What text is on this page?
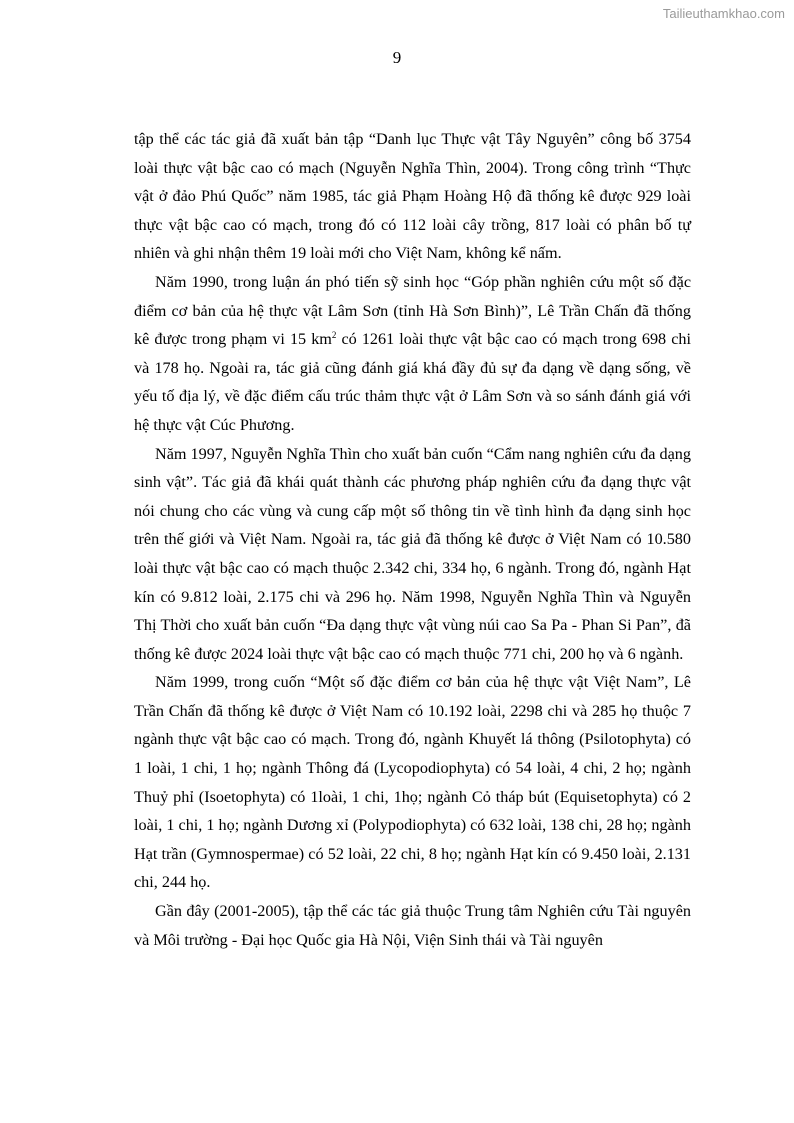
Tailieuthamkhao.com
9

tập thể các tác giả đã xuất bản tập “Danh lục Thực vật Tây Nguyên” công bố 3754 loài thực vật bậc cao có mạch (Nguyễn Nghĩa Thìn, 2004). Trong công trình “Thực vật ở đảo Phú Quốc” năm 1985, tác giả Phạm Hoàng Hộ đã thống kê được 929 loài thực vật bậc cao có mạch, trong đó có 112 loài cây trồng, 817 loài có phân bố tự nhiên và ghi nhận thêm 19 loài mới cho Việt Nam, không kể nấm.

Năm 1990, trong luận án phó tiến sỹ sinh học “Góp phần nghiên cứu một số đặc điểm cơ bản của hệ thực vật Lâm Sơn (tỉnh Hà Sơn Bình)”, Lê Trần Chấn đã thống kê được trong phạm vi 15 $km^2$ có 1261 loài thực vật bậc cao có mạch trong 698 chi và 178 họ. Ngoài ra, tác giả cũng đánh giá khá đầy đủ sự đa dạng về dạng sống, về yếu tố địa lý, về đặc điểm cấu trúc thảm thực vật ở Lâm Sơn và so sánh đánh giá với hệ thực vật Cúc Phương.

Năm 1997, Nguyễn Nghĩa Thìn cho xuất bản cuốn “Cẩm nang nghiên cứu đa dạng sinh vật”. Tác giả đã khái quát thành các phương pháp nghiên cứu đa dạng thực vật nói chung cho các vùng và cung cấp một số thông tin về tình hình đa dạng sinh học trên thế giới và Việt Nam. Ngoài ra, tác giả đã thống kê được ở Việt Nam có 10.580 loài thực vật bậc cao có mạch thuộc 2.342 chi, 334 họ, 6 ngành. Trong đó, ngành Hạt kín có 9.812 loài, 2.175 chi và 296 họ. Năm 1998, Nguyễn Nghĩa Thìn và Nguyễn Thị Thời cho xuất bản cuốn “Đa dạng thực vật vùng núi cao Sa Pa - Phan Si Pan”, đã thống kê được 2024 loài thực vật bậc cao có mạch thuộc 771 chi, 200 họ và 6 ngành.

Năm 1999, trong cuốn “Một số đặc điểm cơ bản của hệ thực vật Việt Nam”, Lê Trần Chấn đã thống kê được ở Việt Nam có 10.192 loài, 2298 chi và 285 họ thuộc 7 ngành thực vật bậc cao có mạch. Trong đó, ngành Khuyết lá thông (Psilotophyta) có 1 loài, 1 chi, 1 họ; ngành Thông đá (Lycopodiophyta) có 54 loài, 4 chi, 2 họ; ngành Thuỷ phỉ (Isoetophyta) có 1loài, 1 chi, 1họ; ngành Cỏ tháp bút (Equisetophyta) có 2 loài, 1 chi, 1 họ; ngành Dương xỉ (Polypodiophyta) có 632 loài, 138 chi, 28 họ; ngành Hạt trần (Gymnospermae) có 52 loài, 22 chi, 8 họ; ngành Hạt kín có 9.450 loài, 2.131 chi, 244 họ.

Gần đây (2001-2005), tập thể các tác giả thuộc Trung tâm Nghiên cứu Tài nguyên và Môi trường - Đại học Quốc gia Hà Nội, Viện Sinh thái và Tài nguyên
